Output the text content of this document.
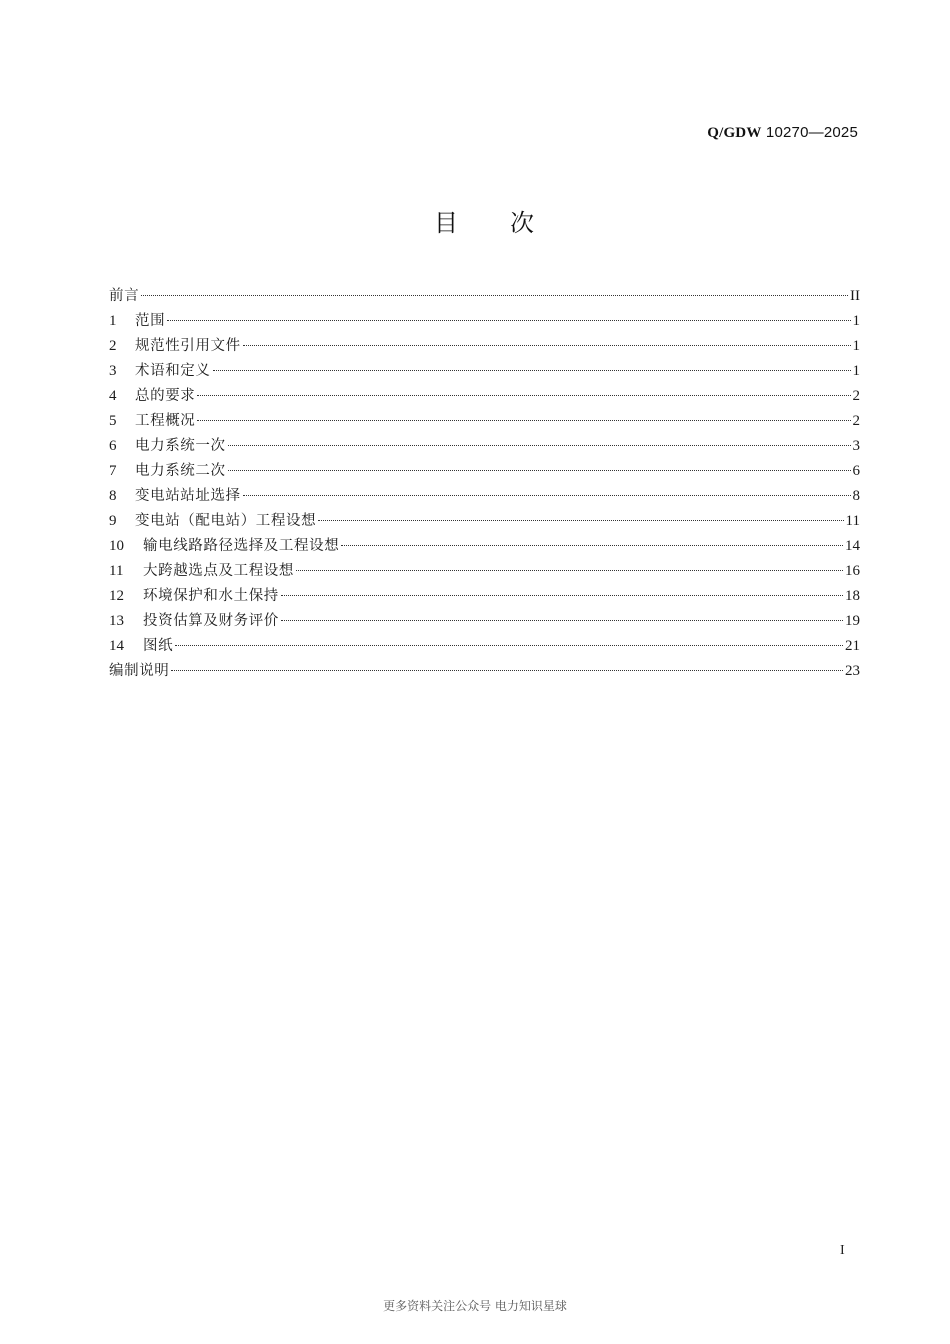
Q/GDW 10270—2025
目 次
前言	II
1	范围	1
2	规范性引用文件	1
3	术语和定义	1
4	总的要求	2
5	工程概况	2
6	电力系统一次	3
7	电力系统二次	6
8	变电站站址选择	8
9	变电站（配电站）工程设想	11
10	输电线路路径选择及工程设想	14
11	大跨越选点及工程设想	16
12	环境保护和水土保持	18
13	投资估算及财务评价	19
14	图纸	21
编制说明	23
I
更多资料关注公众号 电力知识星球
